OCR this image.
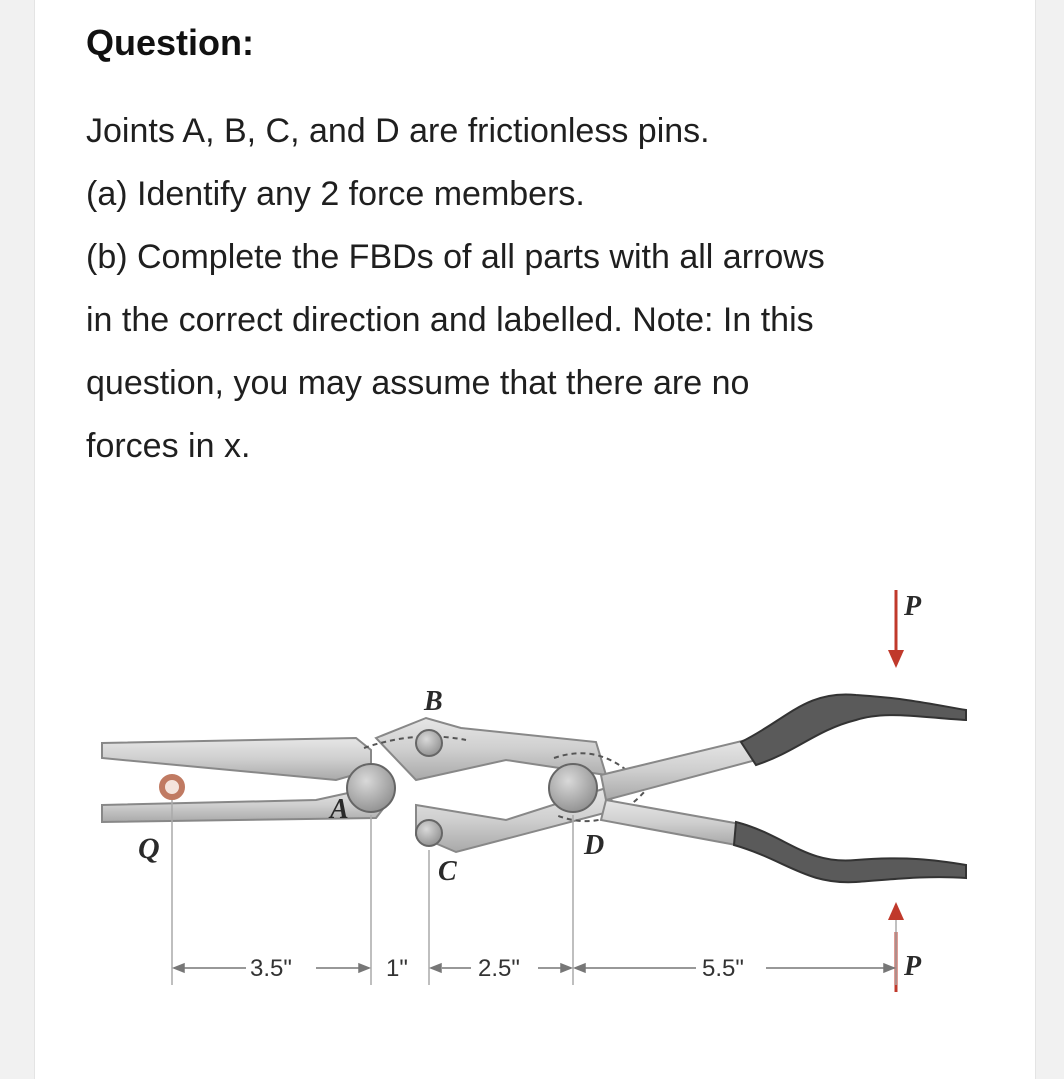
Question:
Joints A, B, C, and D are frictionless pins.
(a) Identify any 2 force members.
(b) Complete the FBDs of all parts with all arrows
in the correct direction and labelled. Note: In this
question, you may assume that there are no
forces in x.
P
P
B
A
C
D
Q
3.5"	1"	2.5"	5.5"
